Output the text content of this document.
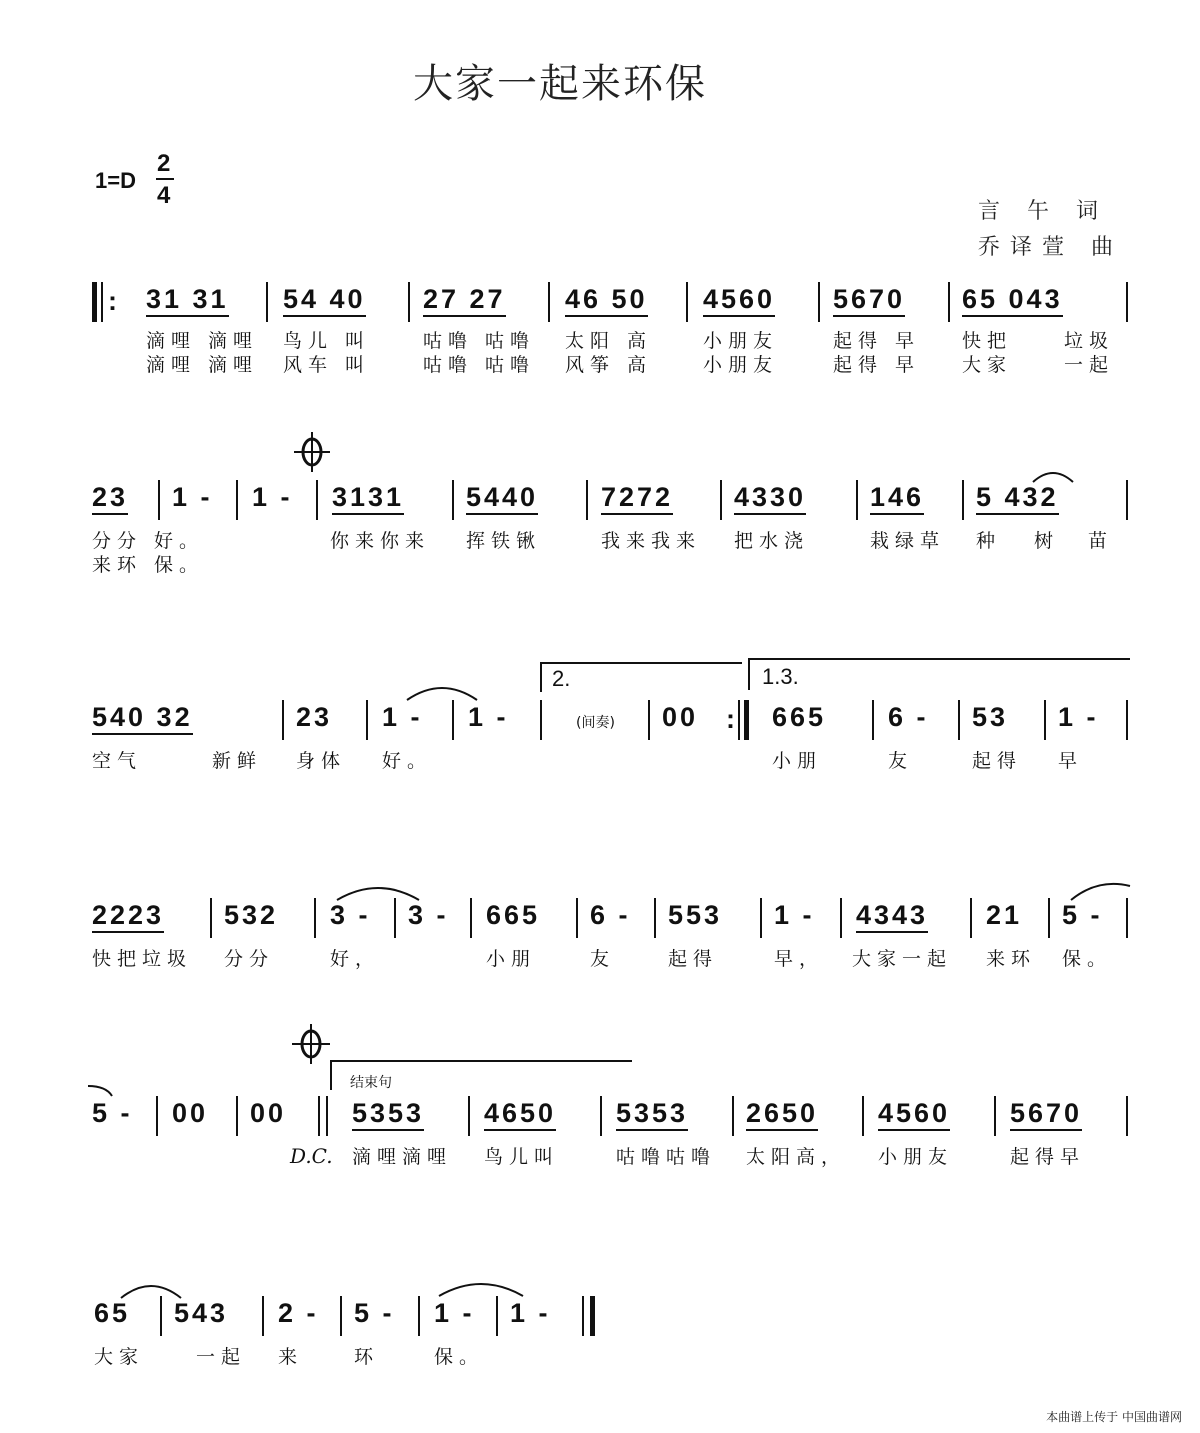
大家一起来环保
1=D
2
4
言 午 词
乔译萱 曲
: 31 31 54 40 27 27 46 50 4560 5670 65 043
滴哩 滴哩 鸟儿 叫	咕噜 咕噜 太阳 高	小朋友	起得 早 快把	垃圾
滴哩 滴哩 风车 叫	咕噜 咕噜 风筝 高	小朋友	起得 早 大家	一起
23 1 - 1 - 3131 5440 7272 4330 146 5 432
分分 好。	你来你来 挥铁锹	我来我来 把水浇	栽绿草 种 树 苗
来环 保。
2.	1.3.
540 32	23 1 - 1 -	(间奏) 00 : 665 6 - 53 1 -
空气	新鲜 身体 好。	小朋	友	起得 早
2223 532 3 - 3 - 665 6 - 553 1 - 4343 21 5 -
快把垃圾 分分	好，	小朋	友	起得	早， 大家一起 来环 保。
结束句
5 - 00 00 5353 4650 5353 2650 4560 5670
D.C. 滴哩滴哩 鸟儿叫	咕噜咕噜 太阳高， 小朋友	起得早
65 543 2 - 5 - 1 - 1 -
大家	一起 来	环	保。
本曲谱上传于 中国曲谱网
